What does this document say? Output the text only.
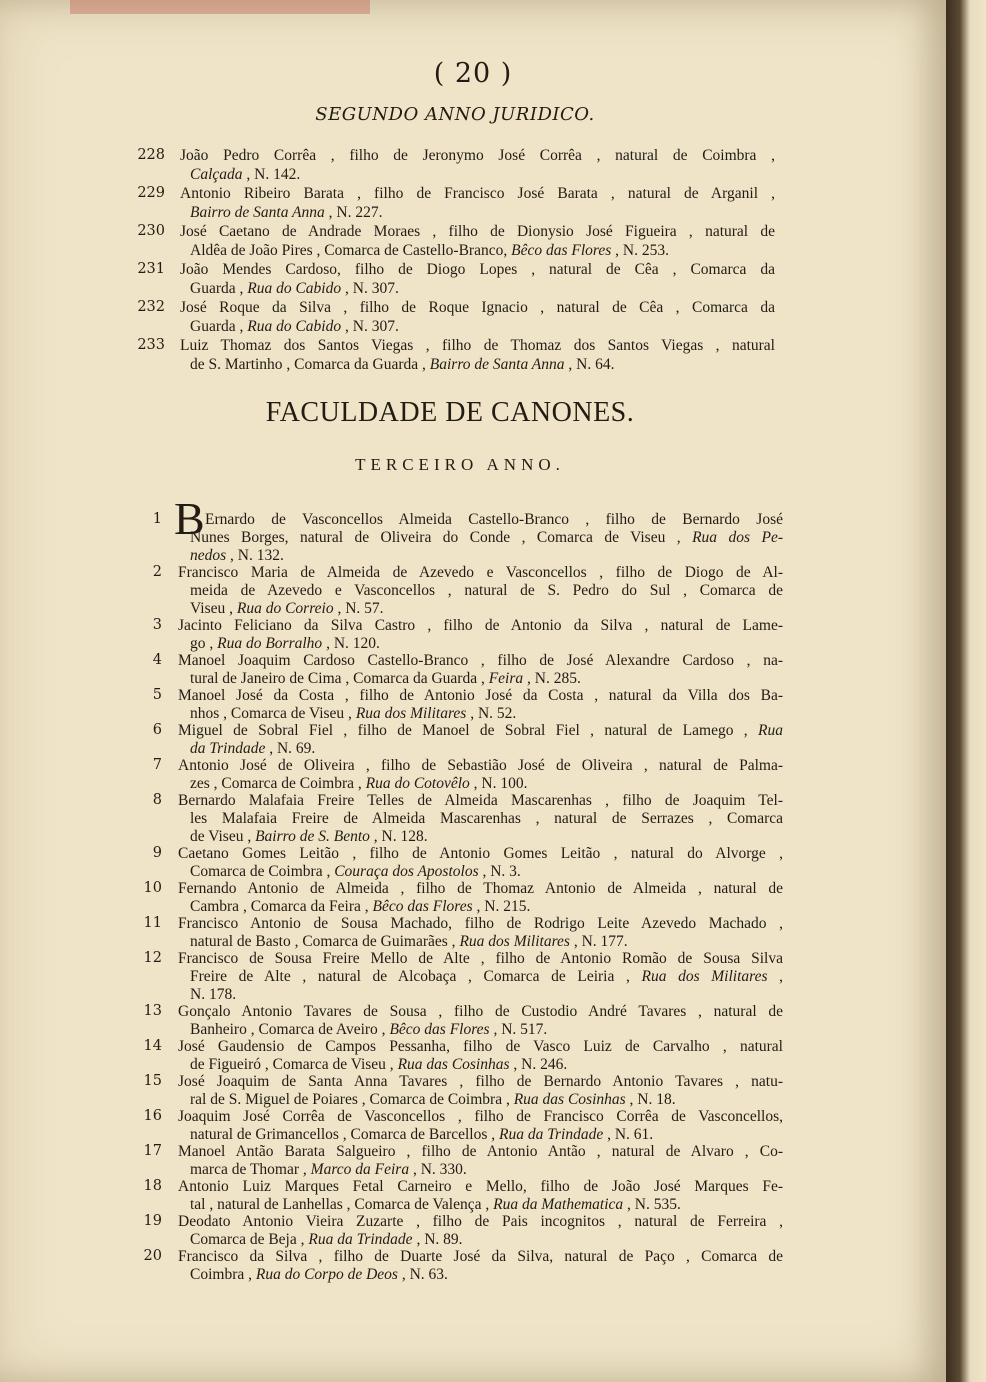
( 20 )
SEGUNDO ANNO JURIDICO.
228 João Pedro Corrêa , filho de Jeronymo José Corrêa , natural de Coimbra ,
Calçada , N. 142.
229 Antonio Ribeiro Barata , filho de Francisco José Barata , natural de Arganil ,
Bairro de Santa Anna , N. 227.
230 José Caetano de Andrade Moraes , filho de Dionysio José Figueira , natural de
Aldêa de João Pires , Comarca de Castello-Branco, Bêco das Flores , N. 253.
231 João Mendes Cardoso, filho de Diogo Lopes , natural de Cêa , Comarca da
Guarda , Rua do Cabido , N. 307.
232 José Roque da Silva , filho de Roque Ignacio , natural de Cêa , Comarca da
Guarda , Rua do Cabido , N. 307.
233 Luiz Thomaz dos Santos Viegas , filho de Thomaz dos Santos Viegas , natural
de S. Martinho , Comarca da Guarda , Bairro de Santa Anna , N. 64.
FACULDADE DE CANONES.
TERCEIRO ANNO.
B
1	Ernardo de Vasconcellos Almeida Castello-Branco , filho de Bernardo José
Nunes Borges, natural de Oliveira do Conde , Comarca de Viseu , Rua dos Pe-
nedos , N. 132.
2 Francisco Maria de Almeida de Azevedo e Vasconcellos , filho de Diogo de Al-
meida de Azevedo e Vasconcellos , natural de S. Pedro do Sul , Comarca de
Viseu , Rua do Correio , N. 57.
3 Jacinto Feliciano da Silva Castro , filho de Antonio da Silva , natural de Lame-
go , Rua do Borralho , N. 120.
4 Manoel Joaquim Cardoso Castello-Branco , filho de José Alexandre Cardoso , na-
tural de Janeiro de Cima , Comarca da Guarda , Feira , N. 285.
5 Manoel José da Costa , filho de Antonio José da Costa , natural da Villa dos Ba-
nhos , Comarca de Viseu , Rua dos Militares , N. 52.
6 Miguel de Sobral Fiel , filho de Manoel de Sobral Fiel , natural de Lamego , Rua
da Trindade , N. 69.
7 Antonio José de Oliveira , filho de Sebastião José de Oliveira , natural de Palma-
zes , Comarca de Coimbra , Rua do Cotovêlo , N. 100.
8 Bernardo Malafaia Freire Telles de Almeida Mascarenhas , filho de Joaquim Tel-
les Malafaia Freire de Almeida Mascarenhas , natural de Serrazes , Comarca
de Viseu , Bairro de S. Bento , N. 128.
9 Caetano Gomes Leitão , filho de Antonio Gomes Leitão , natural do Alvorge ,
Comarca de Coimbra , Couraça dos Apostolos , N. 3.
10 Fernando Antonio de Almeida , filho de Thomaz Antonio de Almeida , natural de
Cambra , Comarca da Feira , Bêco das Flores , N. 215.
11 Francisco Antonio de Sousa Machado, filho de Rodrigo Leite Azevedo Machado ,
natural de Basto , Comarca de Guimarães , Rua dos Militares , N. 177.
12 Francisco de Sousa Freire Mello de Alte , filho de Antonio Romão de Sousa Silva
Freire de Alte , natural de Alcobaça , Comarca de Leiria , Rua dos Militares ,
N. 178.
13 Gonçalo Antonio Tavares de Sousa , filho de Custodio André Tavares , natural de
Banheiro , Comarca de Aveiro , Bêco das Flores , N. 517.
14 José Gaudensio de Campos Pessanha, filho de Vasco Luiz de Carvalho , natural
de Figueiró , Comarca de Viseu , Rua das Cosinhas , N. 246.
15 José Joaquim de Santa Anna Tavares , filho de Bernardo Antonio Tavares , natu-
ral de S. Miguel de Poiares , Comarca de Coimbra , Rua das Cosinhas , N. 18.
16 Joaquim José Corrêa de Vasconcellos , filho de Francisco Corrêa de Vasconcellos,
natural de Grimancellos , Comarca de Barcellos , Rua da Trindade , N. 61.
17 Manoel Antão Barata Salgueiro , filho de Antonio Antão , natural de Alvaro , Co-
marca de Thomar , Marco da Feira , N. 330.
18 Antonio Luiz Marques Fetal Carneiro e Mello, filho de João José Marques Fe-
tal , natural de Lanhellas , Comarca de Valença , Rua da Mathematica , N. 535.
19 Deodato Antonio Vieira Zuzarte , filho de Pais incognitos , natural de Ferreira ,
Comarca de Beja , Rua da Trindade , N. 89.
20 Francisco da Silva , filho de Duarte José da Silva, natural de Paço , Comarca de
Coimbra , Rua do Corpo de Deos , N. 63.
